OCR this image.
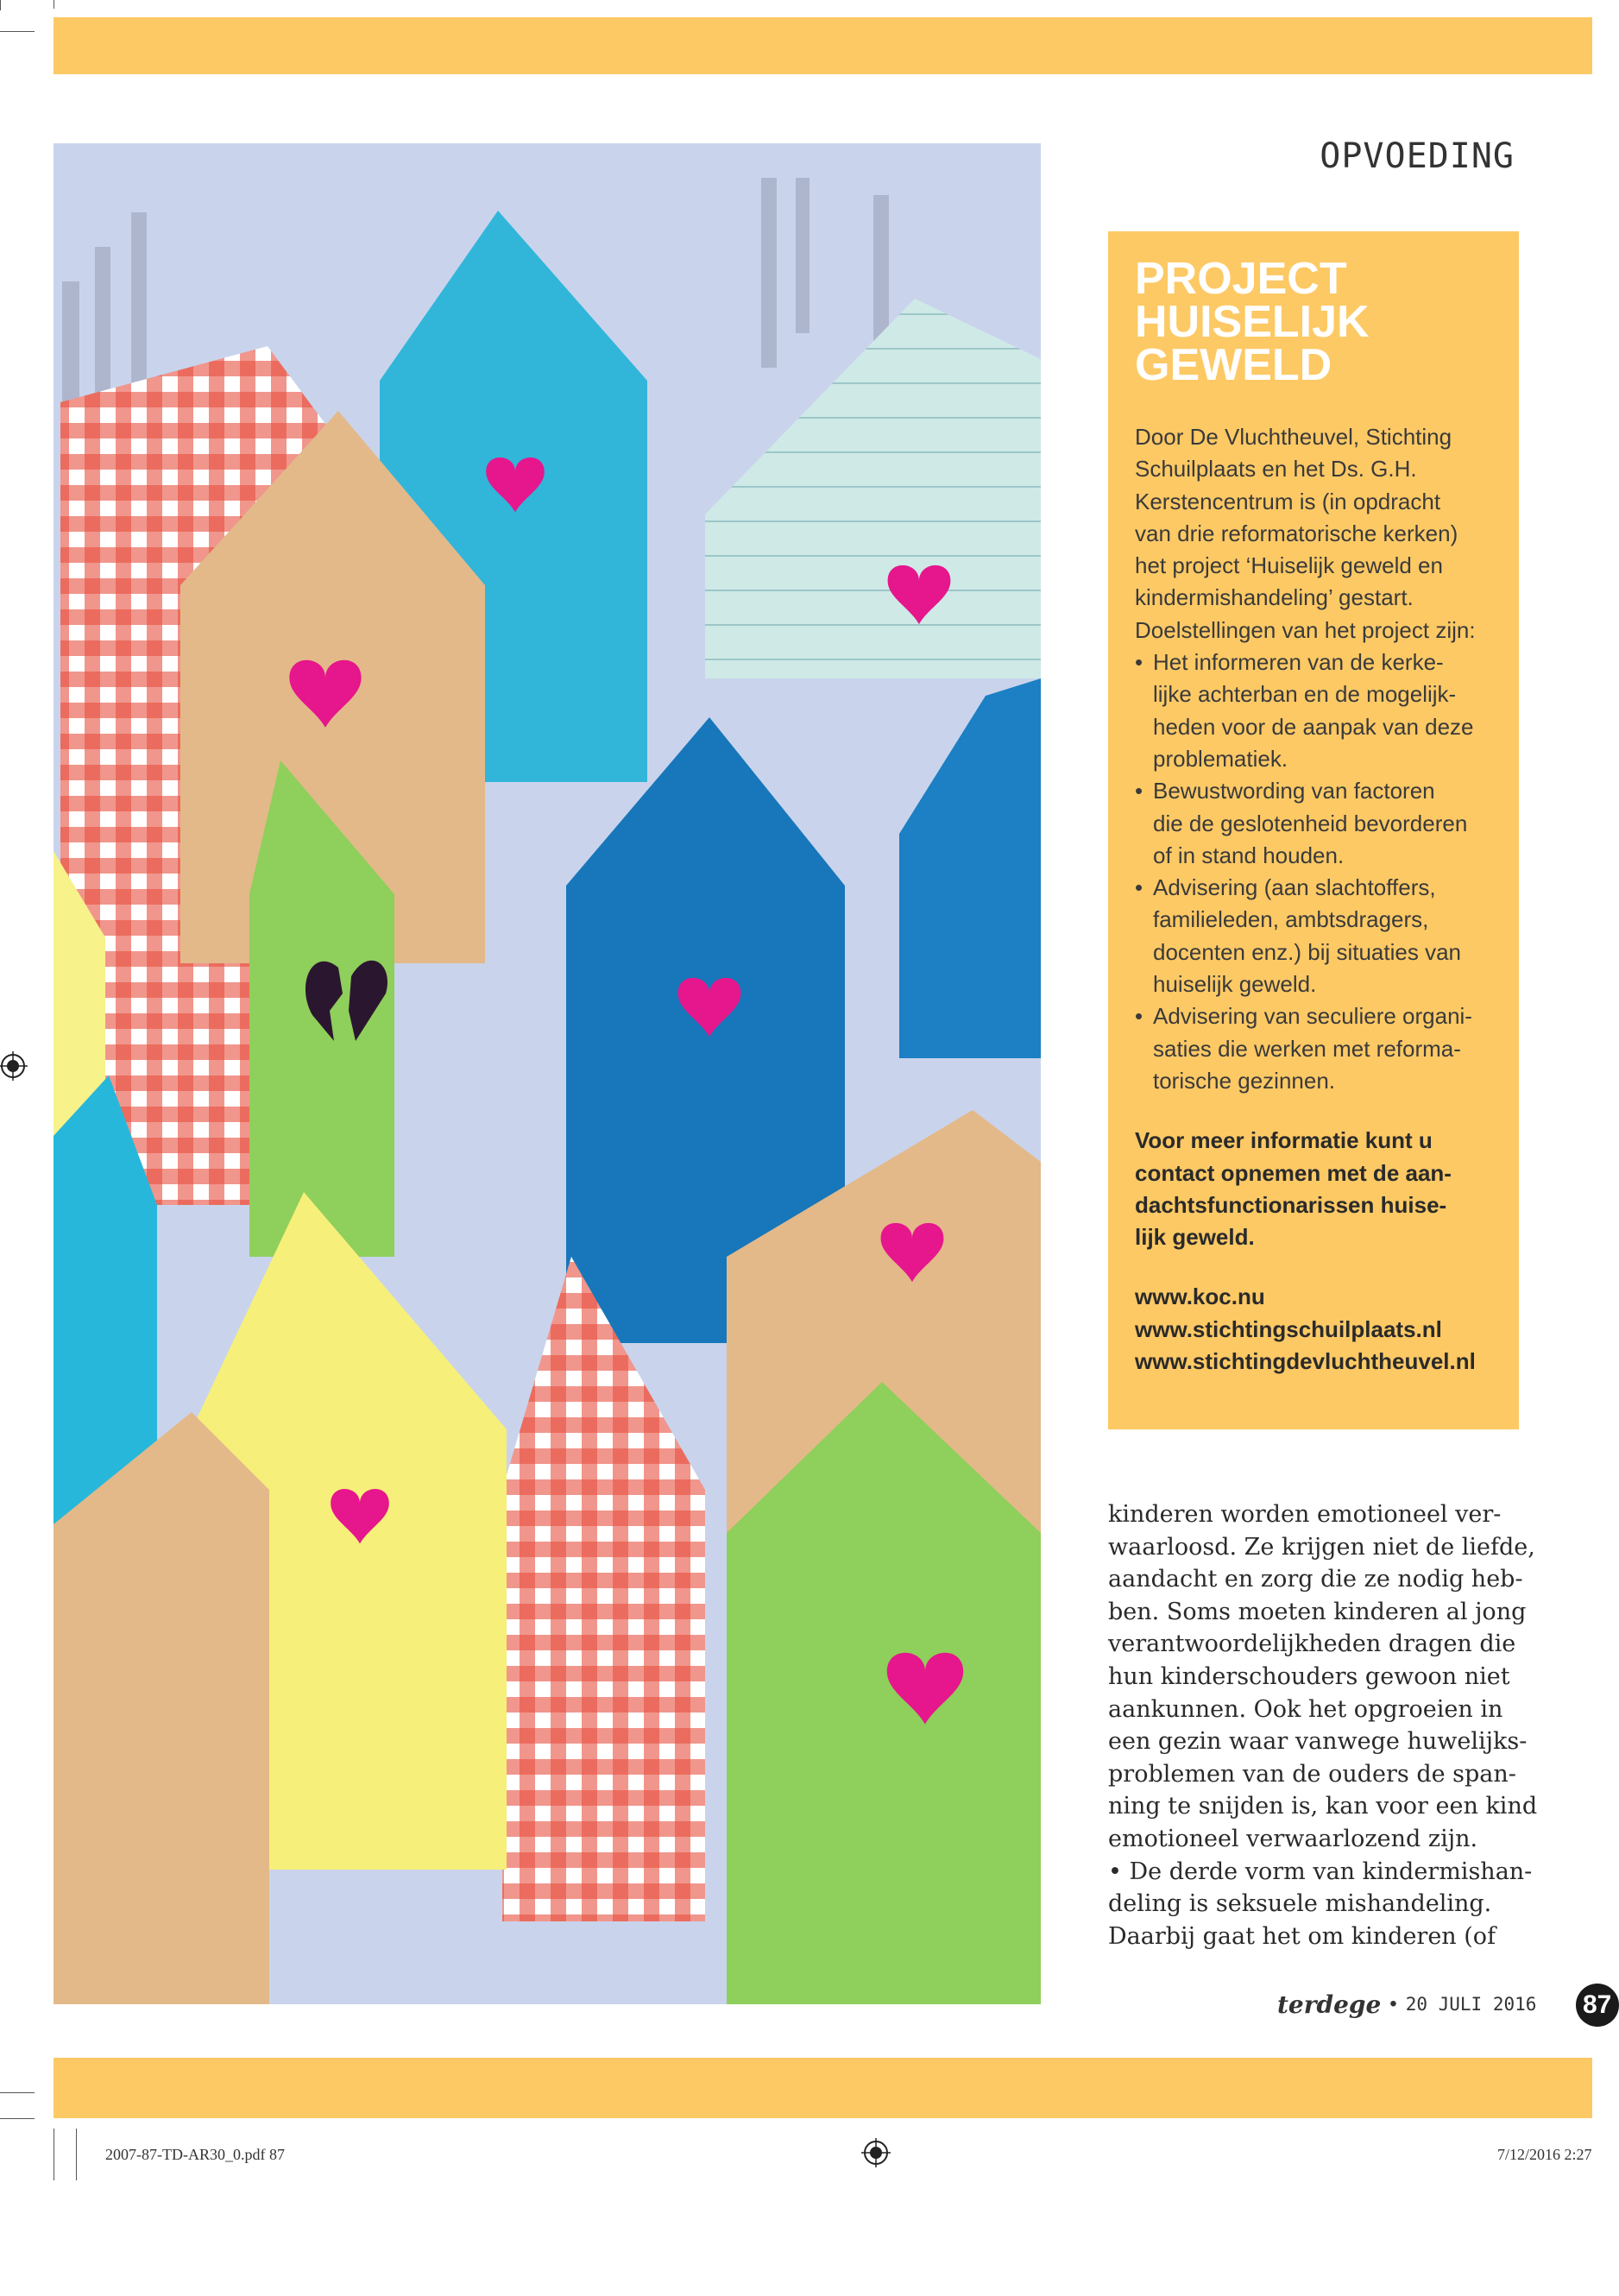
OPVOEDING
PROJECT
HUISELIJK
GEWELD
Door De Vluchtheuvel, Stichting
Schuilplaats en het Ds. G.H.
Kerstencentrum is (in opdracht
van drie reformatorische kerken)
het project ‘Huiselijk geweld en
kindermishandeling’ gestart.
Doelstellingen van het project zijn:
• Het informeren van de kerke-
lijke achterban en de mogelijk-
heden voor de aanpak van deze
problematiek.
• Bewustwording van factoren
die de geslotenheid bevorderen
of in stand houden.
• Advisering (aan slachtoffers,
familieleden, ambtsdragers,
docenten enz.) bij situaties van
huiselijk geweld.
• Advisering van seculiere organi-
saties die werken met reforma-
torische gezinnen.
Voor meer informatie kunt u
contact opnemen met de aan-
dachtsfunctionarissen huise-
lijk geweld.
www.koc.nu
www.stichtingschuilplaats.nl
www.stichtingdevluchtheuvel.nl
kinderen worden emotioneel ver-
waarloosd. Ze krijgen niet de liefde,
aandacht en zorg die ze nodig heb-
ben. Soms moeten kinderen al jong
verantwoordelijkheden dragen die
hun kinderschouders gewoon niet
aankunnen. Ook het opgroeien in
een gezin waar vanwege huwelijks-
problemen van de ouders de span-
ning te snijden is, kan voor een kind
emotioneel verwaarlozend zijn.
• De derde vorm van kindermishan-
deling is seksuele mishandeling.
Daarbij gaat het om kinderen (of
terdege • 20 JULI 2016 87
2007-87-TD-AR30_0.pdf 87	7/12/2016 2:27
